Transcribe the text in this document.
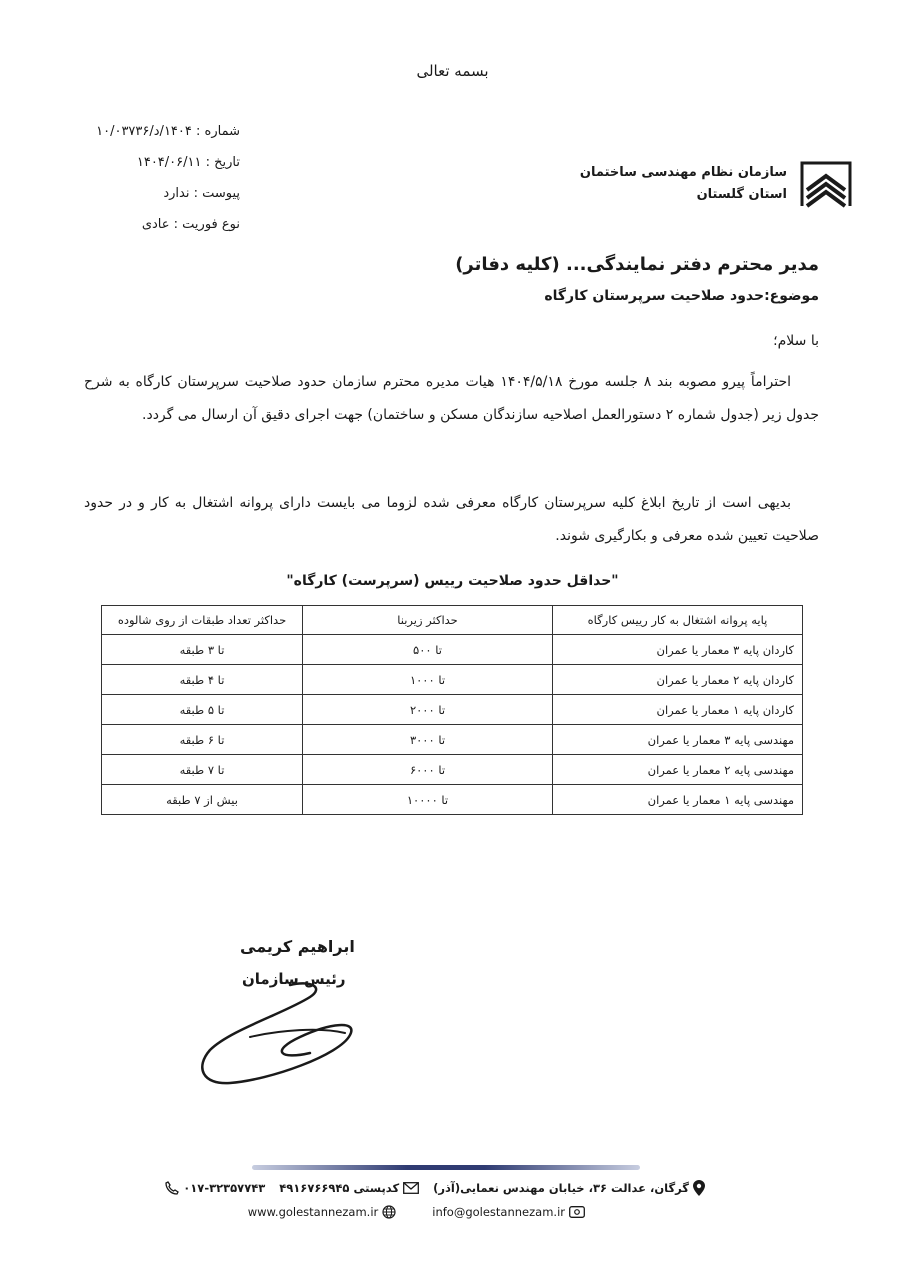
بسمه تعالی
شماره : ۱۴۰۴/د/۱۰/۰۳۷۳۶
تاریخ : ۱۴۰۴/۰۶/۱۱
پیوست : ندارد
نوع فوریت : عادی
سازمان نظام مهندسی ساختمان
استان گلستان
مدیر محترم دفتر نمایندگی... (کلیه دفاتر)
موضوع:حدود صلاحیت سرپرستان کارگاه
با سلام؛
احتراماً پیرو مصوبه بند ۸ جلسه مورخ ۱۴۰۴/۵/۱۸ هیات مدیره محترم سازمان حدود صلاحیت سرپرستان کارگاه به شرح جدول زیر (جدول شماره ۲ دستورالعمل اصلاحیه سازندگان مسکن و ساختمان) جهت اجرای دقیق آن ارسال می گردد.
بدیهی است از تاریخ ابلاغ کلیه سرپرستان کارگاه معرفی شده لزوما می بایست دارای پروانه اشتغال به کار و در حدود صلاحیت تعیین شده معرفی و بکارگیری شوند.
"حداقل حدود صلاحیت رییس (سرپرست) کارگاه"
پایه پروانه اشتغال به کار رییس کارگاه	حداکثر زیربنا	حداکثر تعداد طبقات از روی شالوده
کاردان پایه ۳ معمار یا عمران	تا ۵۰۰	تا ۳ طبقه
کاردان پایه ۲ معمار یا عمران	تا ۱۰۰۰	تا ۴ طبقه
کاردان پایه ۱ معمار یا عمران	تا ۲۰۰۰	تا ۵ طبقه
مهندسی پایه ۳ معمار یا عمران	تا ۳۰۰۰	تا ۶ طبقه
مهندسی پایه ۲ معمار یا عمران	تا ۶۰۰۰	تا ۷ طبقه
مهندسی پایه ۱ معمار یا عمران	تا ۱۰۰۰۰	بیش از ۷ طبقه
ابراهیم کریمی
رئیس سازمان
گرگان، عدالت ۳۶، خیابان مهندس نعمایی(آذر)
کدپستی ۴۹۱۶۷۶۶۹۴۵
۰۱۷-۳۲۳۵۷۷۴۳
info@golestannezam.ir
www.golestannezam.ir
